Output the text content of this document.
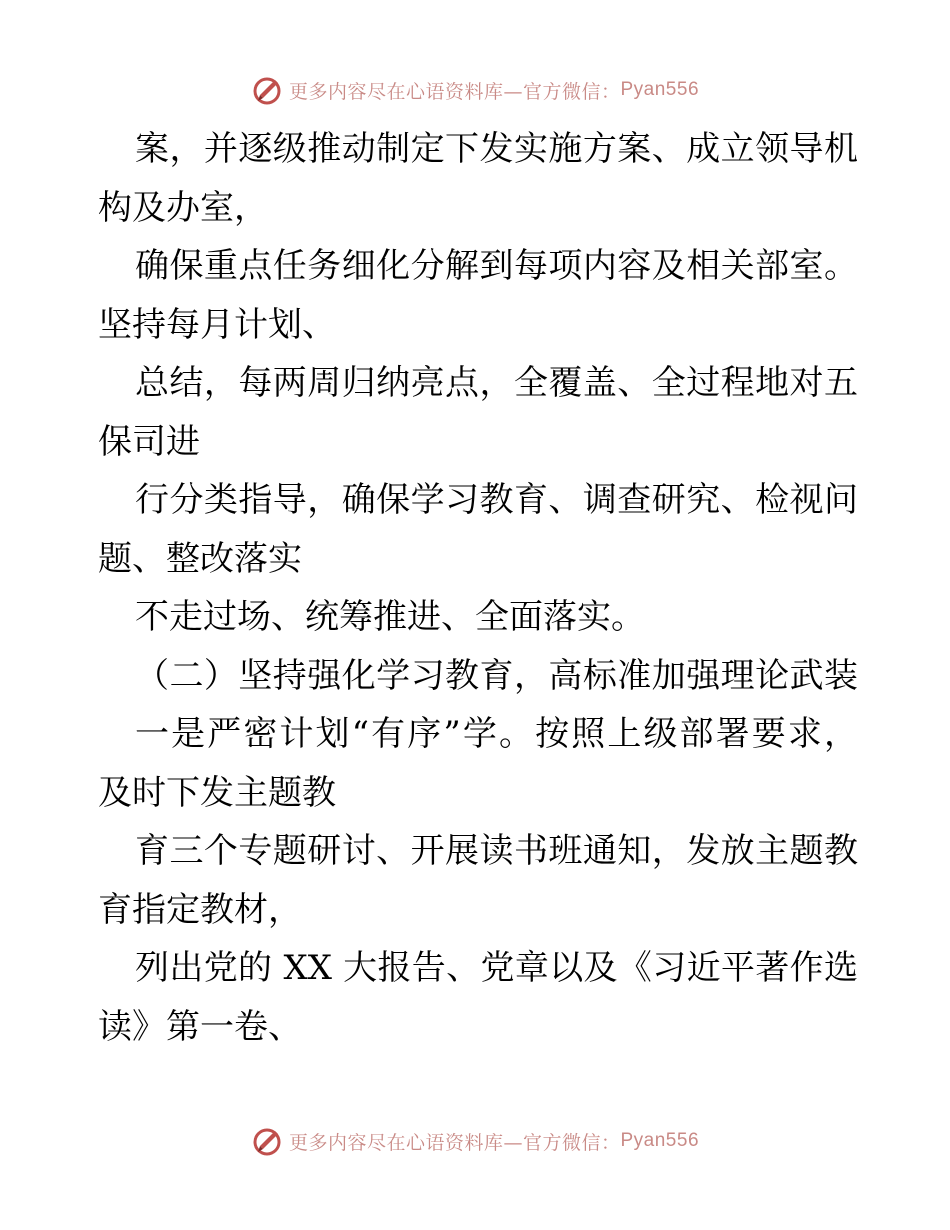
更多内容尽在心语资料库—官方微信： Pyan556
案，并逐级推动制定下发实施方案、成立领导机
构及办室，
确保重点任务细化分解到每项内容及相关部室。
坚持每月计划、
总结，每两周归纳亮点，全覆盖、全过程地对五
保司进
行分类指导，确保学习教育、调查研究、检视问
题、整改落实
不走过场、统筹推进、全面落实。
（二）坚持强化学习教育，高标准加强理论武装
一是严密计划“有序”学。按照上级部署要求，
及时下发主题教
育三个专题研讨、开展读书班通知，发放主题教
育指定教材，
列出党的 XX 大报告、党章以及《习近平著作选
读》第一卷、
更多内容尽在心语资料库—官方微信： Pyan556
